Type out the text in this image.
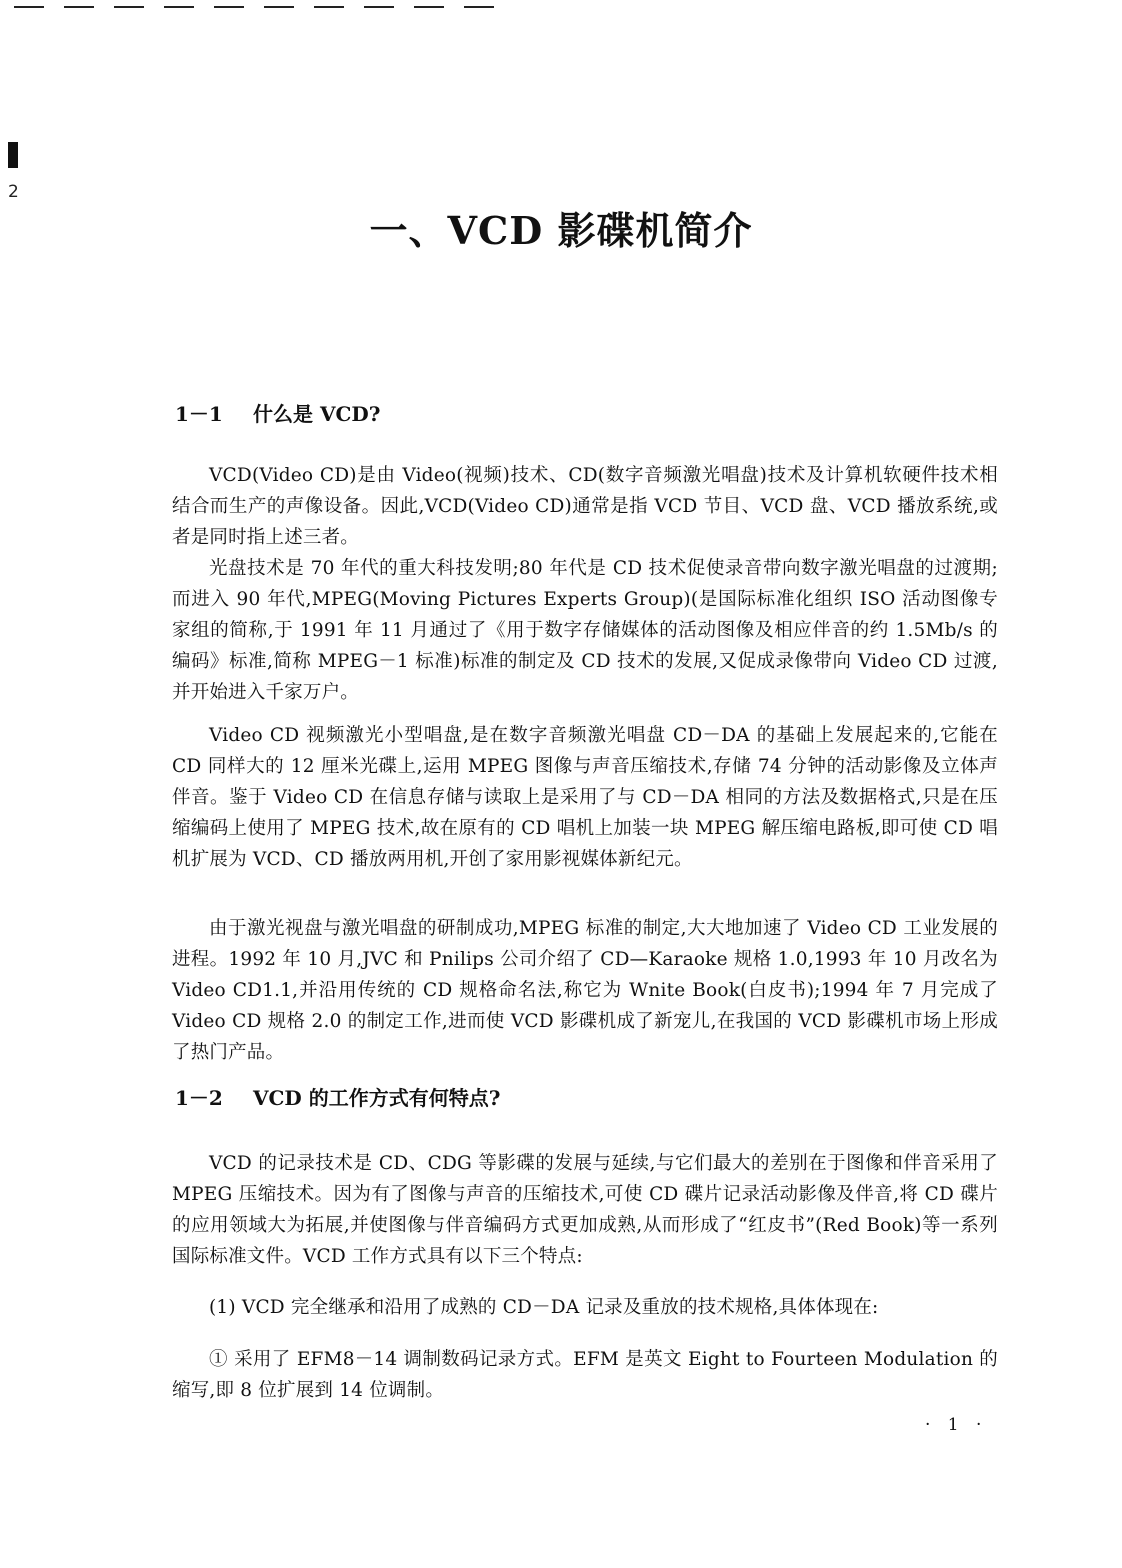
2
一、VCD 影碟机简介
1－1 什么是 VCD?

VCD(Video CD)是由 Video(视频)技术、CD(数字音频激光唱盘)技术及计算机软硬件技术相结合而生产的声像设备。因此,VCD(Video CD)通常是指 VCD 节目、VCD 盘、VCD 播放系统,或者是同时指上述三者。

光盘技术是 70 年代的重大科技发明;80 年代是 CD 技术促使录音带向数字激光唱盘的过渡期;而进入 90 年代,MPEG(Moving Pictures Experts Group)(是国际标准化组织 ISO 活动图像专家组的简称,于 1991 年 11 月通过了《用于数字存储媒体的活动图像及相应伴音的约 1.5Mb/s 的编码》标准,简称 MPEG－1 标准)标准的制定及 CD 技术的发展,又促成录像带向 Video CD 过渡,并开始进入千家万户。

Video CD 视频激光小型唱盘,是在数字音频激光唱盘 CD－DA 的基础上发展起来的,它能在 CD 同样大的 12 厘米光碟上,运用 MPEG 图像与声音压缩技术,存储 74 分钟的活动影像及立体声伴音。鉴于 Video CD 在信息存储与读取上是采用了与 CD－DA 相同的方法及数据格式,只是在压缩编码上使用了 MPEG 技术,故在原有的 CD 唱机上加装一块 MPEG 解压缩电路板,即可使 CD 唱机扩展为 VCD、CD 播放两用机,开创了家用影视媒体新纪元。

由于激光视盘与激光唱盘的研制成功,MPEG 标准的制定,大大地加速了 Video CD 工业发展的进程。1992 年 10 月,JVC 和 Pnilips 公司介绍了 CD—Karaoke 规格 1.0,1993 年 10 月改名为 Video CD1.1,并沿用传统的 CD 规格命名法,称它为 Wnite Book(白皮书);1994 年 7 月完成了 Video CD 规格 2.0 的制定工作,进而使 VCD 影碟机成了新宠儿,在我国的 VCD 影碟机市场上形成了热门产品。

1－2 VCD 的工作方式有何特点?

VCD 的记录技术是 CD、CDG 等影碟的发展与延续,与它们最大的差别在于图像和伴音采用了 MPEG 压缩技术。因为有了图像与声音的压缩技术,可使 CD 碟片记录活动影像及伴音,将 CD 碟片的应用领域大为拓展,并使图像与伴音编码方式更加成熟,从而形成了“红皮书”(Red Book)等一系列国际标准文件。VCD 工作方式具有以下三个特点:

(1) VCD 完全继承和沿用了成熟的 CD－DA 记录及重放的技术规格,具体体现在:

① 采用了 EFM8－14 调制数码记录方式。EFM 是英文 Eight to Fourteen Modulation 的缩写,即 8 位扩展到 14 位调制。

· 1 ·
